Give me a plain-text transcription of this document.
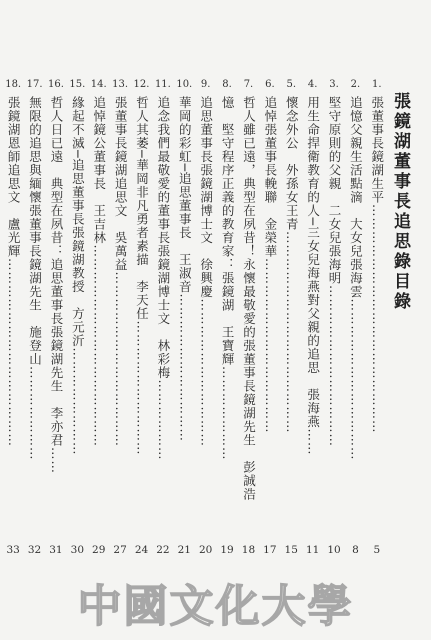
張鏡湖董事長追思錄目錄
1.
張董事長鏡湖生平……………………………………………
5
2.
追憶父親生活點滴　大女兒張海雲………………………………
8
3.
堅守原則的父親　二女兒張海明………………………………
10
4.
用生命捍衛教育的人─三女兒海燕對父親的追思　張海燕……
11
5.
懷念外公　外孫女王青………………………………………
15
6.
追悼張董事長輓聯　金榮華…………………………………
17
7.
哲人雖已遠，典型在夙昔！永懷最敬愛的張董事長鏡湖先生　彭誠浩
18
8.
憶　堅守程序正義的教育家：張鏡湖　王寶輝…………………
19
9.
追思董事長張鏡湖博士文　徐興慶……………………………
20
10.
華岡的彩虹─追思董事長　王淑音……………………………
21
11.
追念我們最敬愛的董事長張鏡湖博士文　林彩梅………………
22
12.
哲人其萎─華岡非凡勇者素描　李天任…………………………
24
13.
張董事長鏡湖追思文　吳萬益…………………………………
27
14.
追悼鏡公董事長　王吉林………………………………………
29
15.
緣起不滅─追思董事長張鏡湖教授　方元沂……………………
30
16.
哲人日已遠　典型在夙昔：追思董事長張鏡湖先生　李亦君……
31
17.
無限的追思與緬懷張董事長鏡湖先生　施登山…………………
32
18.
張鏡湖恩師追思文　盧光輝……………………………………
33
中國文化大學
